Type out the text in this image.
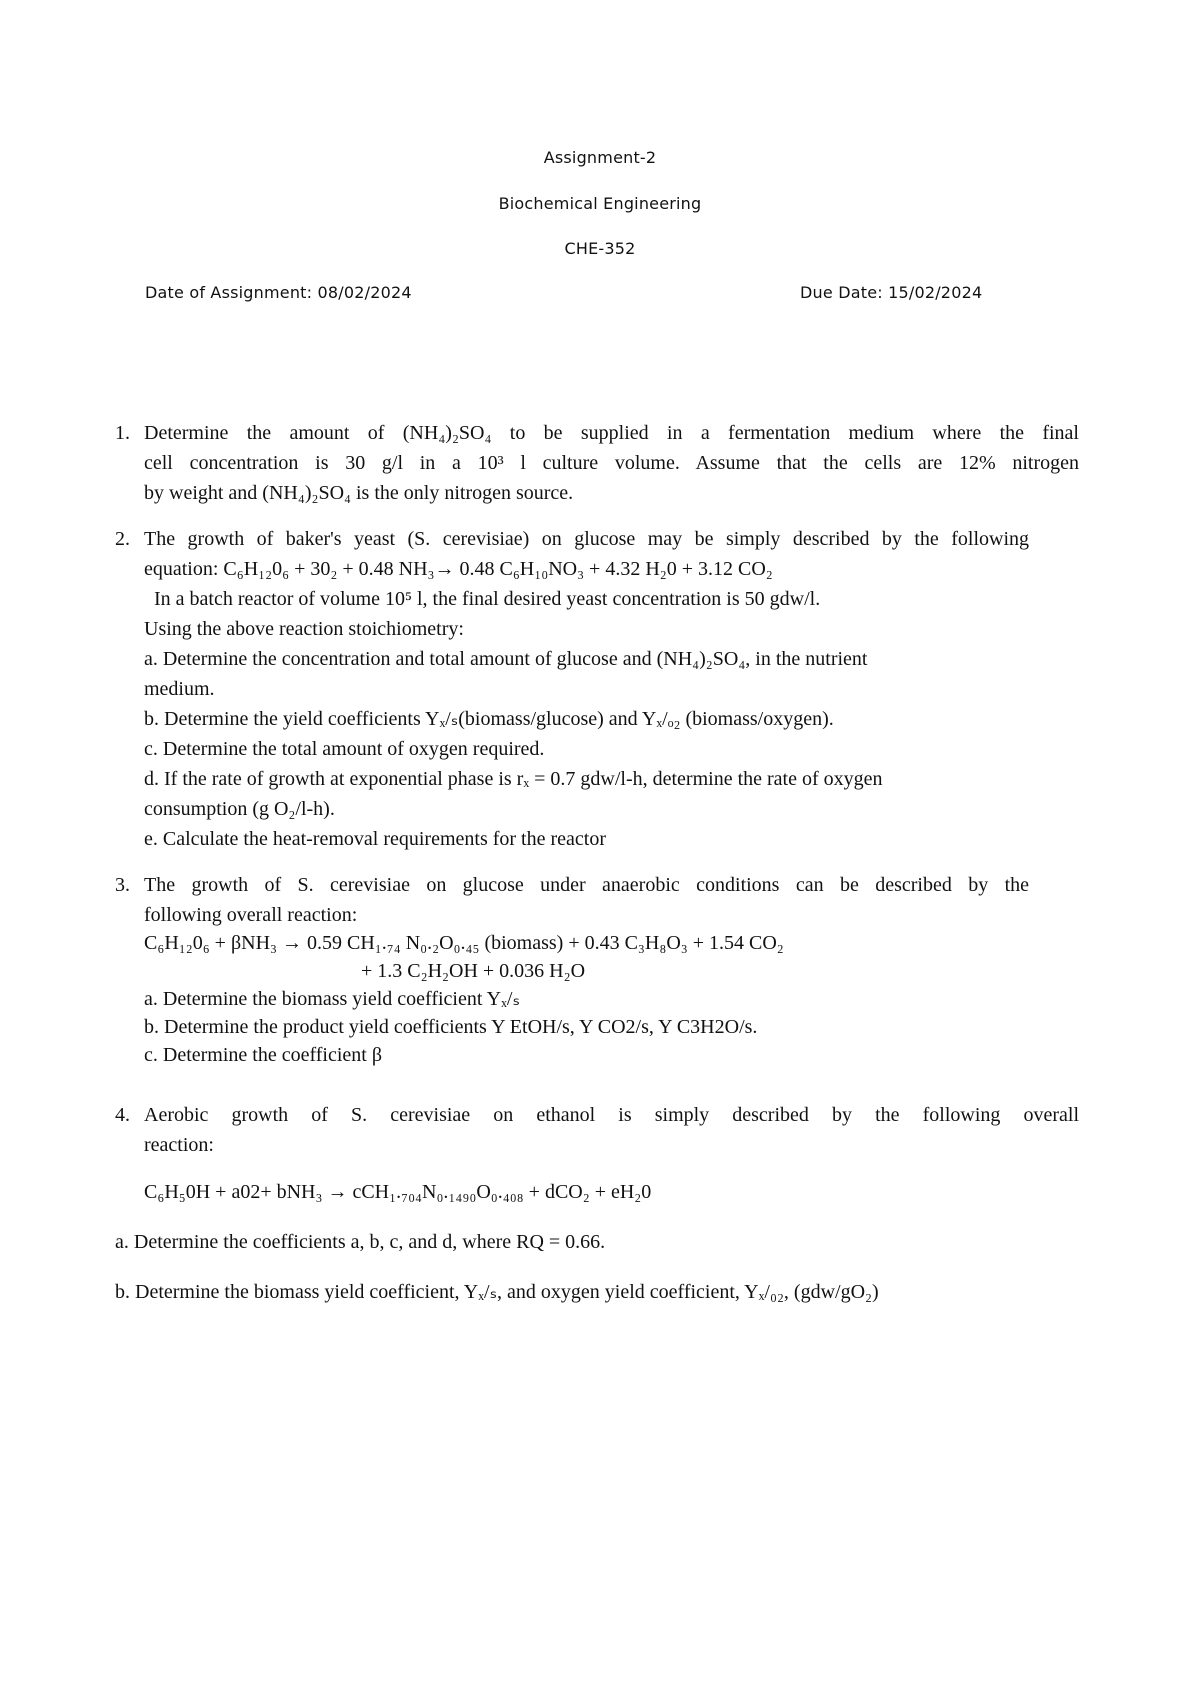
Assignment-2
Biochemical Engineering
CHE-352
Date of Assignment: 08/02/2024	Due Date: 15/02/2024
1. Determine the amount of (NH₄)₂SO₄ to be supplied in a fermentation medium where the final
cell concentration is 30 g/l in a 10³ l culture volume. Assume that the cells are 12% nitrogen
by weight and (NH₄)₂SO₄ is the only nitrogen source.
2. The growth of baker's yeast (S. cerevisiae) on glucose may be simply described by the following
equation: C₆H₁₂0₆ + 30₂ + 0.48 NH₃→ 0.48 C₆H₁₀NO₃ + 4.32 H₂0 + 3.12 CO₂
In a batch reactor of volume 10⁵ l, the final desired yeast concentration is 50 gdw/l.
Using the above reaction stoichiometry:
a. Determine the concentration and total amount of glucose and (NH₄)₂SO₄, in the nutrient
medium.
b. Determine the yield coefficients Yₓ/ₛ(biomass/glucose) and Yₓ/ₒ₂ (biomass/oxygen).
c. Determine the total amount of oxygen required.
d. If the rate of growth at exponential phase is rₓ = 0.7 gdw/l-h, determine the rate of oxygen
consumption (g O₂/l-h).
e. Calculate the heat-removal requirements for the reactor
3. The growth of S. cerevisiae on glucose under anaerobic conditions can be described by the
following overall reaction:
C₆H₁₂0₆ + βNH₃ → 0.59 CH₁.₇₄ N₀.₂O₀.₄₅ (biomass) + 0.43 C₃H₈O₃ + 1.54 CO₂
+ 1.3 C₂H₂OH + 0.036 H₂O
a. Determine the biomass yield coefficient Yₓ/ₛ
b. Determine the product yield coefficients Y EtOH/s, Y CO2/s, Y C3H2O/s.
c. Determine the coefficient β
4. Aerobic growth of S. cerevisiae on ethanol is simply described by the following overall
reaction:
C₆H₅0H + a02+ bNH₃ → cCH₁.₇₀₄N₀.₁₄₉₀O₀.₄₀₈ + dCO₂ + eH₂0
a. Determine the coefficients a, b, c, and d, where RQ = 0.66.
b. Determine the biomass yield coefficient, Yₓ/ₛ, and oxygen yield coefficient, Yₓ/₀₂, (gdw/gO₂)
